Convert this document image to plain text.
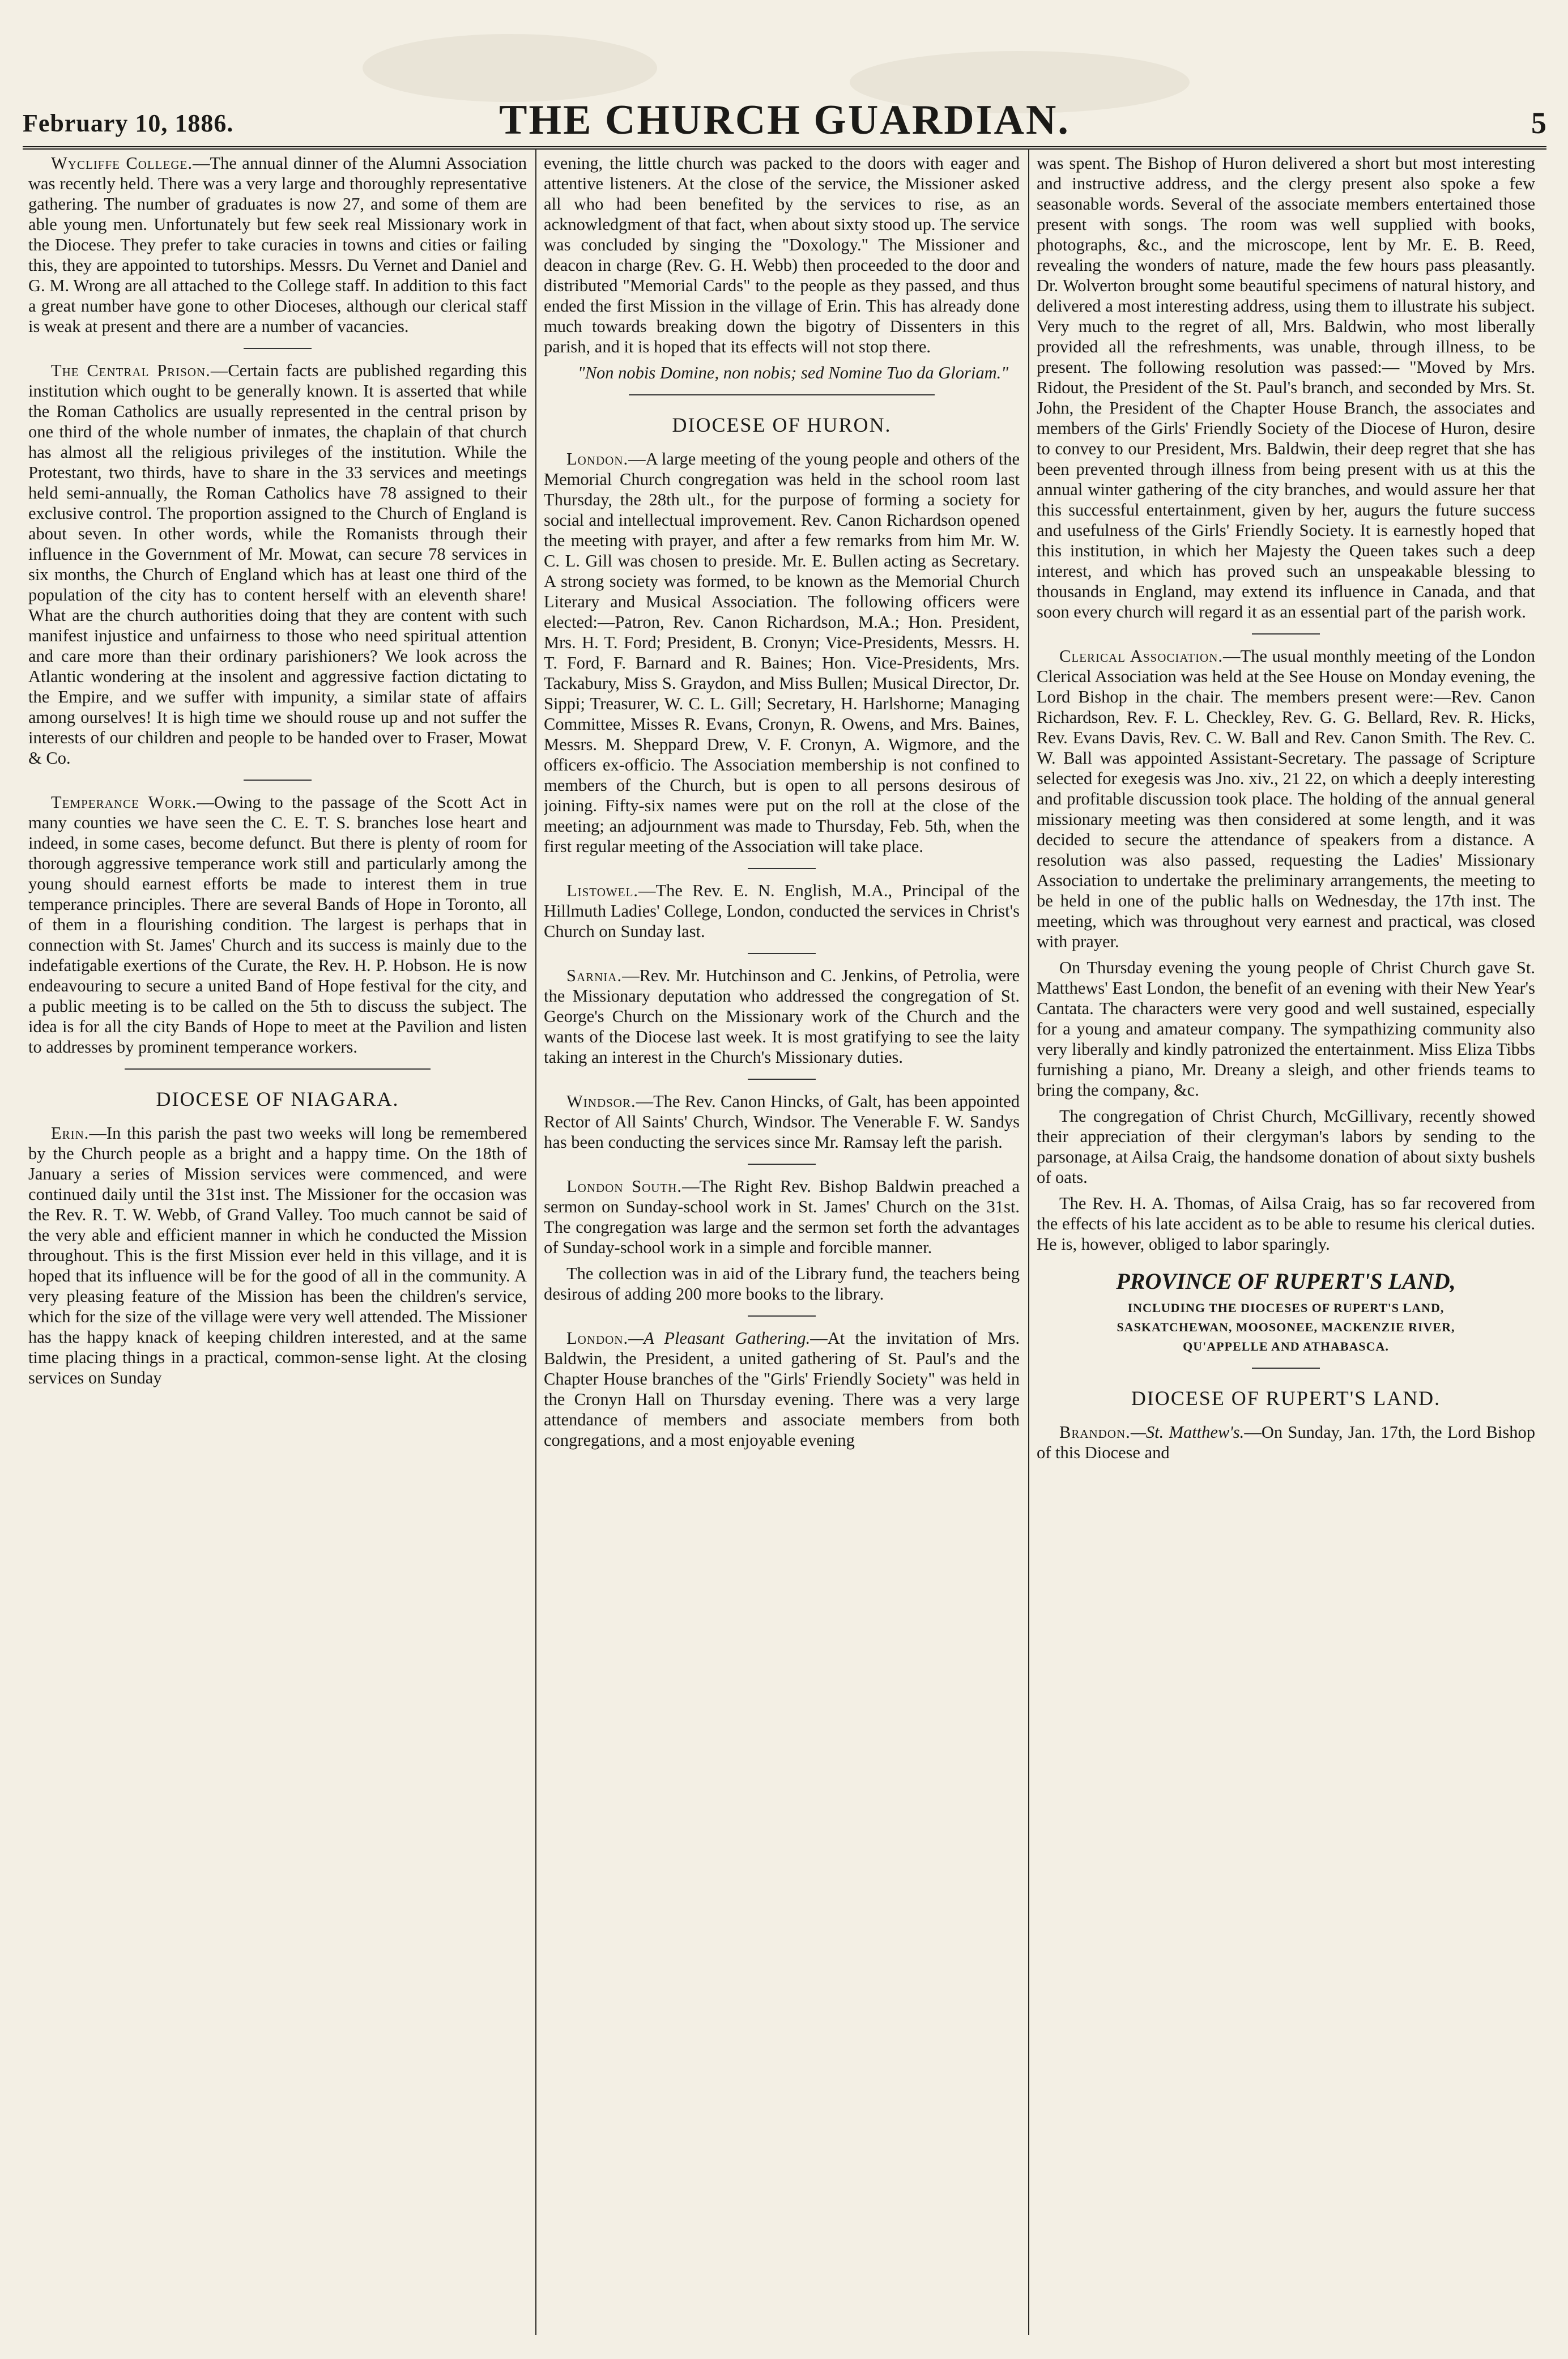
February 10, 1886.	THE CHURCH GUARDIAN.	5

Wycliffe College.—The annual dinner of the Alumni Association was recently held. There was a very large and thoroughly representative gathering. The number of graduates is now 27, and some of them are able young men. Unfortunately but few seek real Missionary work in the Diocese. They prefer to take curacies in towns and cities or failing this, they are appointed to tutorships. Messrs. Du Vernet and Daniel and G. M. Wrong are all attached to the College staff. In addition to this fact a great number have gone to other Dioceses, although our clerical staff is weak at present and there are a number of vacancies.

The Central Prison.—Certain facts are published regarding this institution which ought to be generally known. It is asserted that while the Roman Catholics are usually represented in the central prison by one third of the whole number of inmates, the chaplain of that church has almost all the religious privileges of the institution. While the Protestant, two thirds, have to share in the 33 services and meetings held semi-annually, the Roman Catholics have 78 assigned to their exclusive control. The proportion assigned to the Church of England is about seven. In other words, while the Romanists through their influence in the Government of Mr. Mowat, can secure 78 services in six months, the Church of England which has at least one third of the population of the city has to content herself with an eleventh share! What are the church authorities doing that they are content with such manifest injustice and unfairness to those who need spiritual attention and care more than their ordinary parishioners? We look across the Atlantic wondering at the insolent and aggressive faction dictating to the Empire, and we suffer with impunity, a similar state of affairs among ourselves! It is high time we should rouse up and not suffer the interests of our children and people to be handed over to Fraser, Mowat & Co.

Temperance Work.—Owing to the passage of the Scott Act in many counties we have seen the C. E. T. S. branches lose heart and indeed, in some cases, become defunct. But there is plenty of room for thorough aggressive temperance work still and particularly among the young should earnest efforts be made to interest them in true temperance principles. There are several Bands of Hope in Toronto, all of them in a flourishing condition. The largest is perhaps that in connection with St. James' Church and its success is mainly due to the indefatigable exertions of the Curate, the Rev. H. P. Hobson. He is now endeavouring to secure a united Band of Hope festival for the city, and a public meeting is to be called on the 5th to discuss the subject. The idea is for all the city Bands of Hope to meet at the Pavilion and listen to addresses by prominent temperance workers.

DIOCESE OF NIAGARA.

Erin.—In this parish the past two weeks will long be remembered by the Church people as a bright and a happy time. On the 18th of January a series of Mission services were commenced, and were continued daily until the 31st inst. The Missioner for the occasion was the Rev. R. T. W. Webb, of Grand Valley. Too much cannot be said of the very able and efficient manner in which he conducted the Mission throughout. This is the first Mission ever held in this village, and it is hoped that its influence will be for the good of all in the community. A very pleasing feature of the Mission has been the children's service, which for the size of the village were very well attended. The Missioner has the happy knack of keeping children interested, and at the same time placing things in a practical, common-sense light. At the closing services on Sunday

evening, the little church was packed to the doors with eager and attentive listeners. At the close of the service, the Missioner asked all who had been benefited by the services to rise, as an acknowledgment of that fact, when about sixty stood up. The service was concluded by singing the "Doxology." The Missioner and deacon in charge (Rev. G. H. Webb) then proceeded to the door and distributed "Memorial Cards" to the people as they passed, and thus ended the first Mission in the village of Erin. This has already done much towards breaking down the bigotry of Dissenters in this parish, and it is hoped that its effects will not stop there.

"Non nobis Domine, non nobis; sed Nomine Tuo da Gloriam."

DIOCESE OF HURON.

London.—A large meeting of the young people and others of the Memorial Church congregation was held in the school room last Thursday, the 28th ult., for the purpose of forming a society for social and intellectual improvement. Rev. Canon Richardson opened the meeting with prayer, and after a few remarks from him Mr. W. C. L. Gill was chosen to preside. Mr. E. Bullen acting as Secretary. A strong society was formed, to be known as the Memorial Church Literary and Musical Association. The following officers were elected:—Patron, Rev. Canon Richardson, M.A.; Hon. President, Mrs. H. T. Ford; President, B. Cronyn; Vice-Presidents, Messrs. H. T. Ford, F. Barnard and R. Baines; Hon. Vice-Presidents, Mrs. Tackabury, Miss S. Graydon, and Miss Bullen; Musical Director, Dr. Sippi; Treasurer, W. C. L. Gill; Secretary, H. Harlshorne; Managing Committee, Misses R. Evans, Cronyn, R. Owens, and Mrs. Baines, Messrs. M. Sheppard Drew, V. F. Cronyn, A. Wigmore, and the officers ex-officio. The Association membership is not confined to members of the Church, but is open to all persons desirous of joining. Fifty-six names were put on the roll at the close of the meeting; an adjournment was made to Thursday, Feb. 5th, when the first regular meeting of the Association will take place.

Listowel.—The Rev. E. N. English, M.A., Principal of the Hillmuth Ladies' College, London, conducted the services in Christ's Church on Sunday last.

Sarnia.—Rev. Mr. Hutchinson and C. Jenkins, of Petrolia, were the Missionary deputation who addressed the congregation of St. George's Church on the Missionary work of the Church and the wants of the Diocese last week. It is most gratifying to see the laity taking an interest in the Church's Missionary duties.

Windsor.—The Rev. Canon Hincks, of Galt, has been appointed Rector of All Saints' Church, Windsor. The Venerable F. W. Sandys has been conducting the services since Mr. Ramsay left the parish.

London South.—The Right Rev. Bishop Baldwin preached a sermon on Sunday-school work in St. James' Church on the 31st. The congregation was large and the sermon set forth the advantages of Sunday-school work in a simple and forcible manner.

The collection was in aid of the Library fund, the teachers being desirous of adding 200 more books to the library.

London.—A Pleasant Gathering.—At the invitation of Mrs. Baldwin, the President, a united gathering of St. Paul's and the Chapter House branches of the "Girls' Friendly Society" was held in the Cronyn Hall on Thursday evening. There was a very large attendance of members and associate members from both congregations, and a most enjoyable evening

was spent. The Bishop of Huron delivered a short but most interesting and instructive address, and the clergy present also spoke a few seasonable words. Several of the associate members entertained those present with songs. The room was well supplied with books, photographs, &c., and the microscope, lent by Mr. E. B. Reed, revealing the wonders of nature, made the few hours pass pleasantly. Dr. Wolverton brought some beautiful specimens of natural history, and delivered a most interesting address, using them to illustrate his subject. Very much to the regret of all, Mrs. Baldwin, who most liberally provided all the refreshments, was unable, through illness, to be present. The following resolution was passed:— "Moved by Mrs. Ridout, the President of the St. Paul's branch, and seconded by Mrs. St. John, the President of the Chapter House Branch, the associates and members of the Girls' Friendly Society of the Diocese of Huron, desire to convey to our President, Mrs. Baldwin, their deep regret that she has been prevented through illness from being present with us at this the annual winter gathering of the city branches, and would assure her that this successful entertainment, given by her, augurs the future success and usefulness of the Girls' Friendly Society. It is earnestly hoped that this institution, in which her Majesty the Queen takes such a deep interest, and which has proved such an unspeakable blessing to thousands in England, may extend its influence in Canada, and that soon every church will regard it as an essential part of the parish work.

Clerical Association.—The usual monthly meeting of the London Clerical Association was held at the See House on Monday evening, the Lord Bishop in the chair. The members present were:—Rev. Canon Richardson, Rev. F. L. Checkley, Rev. G. G. Bellard, Rev. R. Hicks, Rev. Evans Davis, Rev. C. W. Ball and Rev. Canon Smith. The Rev. C. W. Ball was appointed Assistant-Secretary. The passage of Scripture selected for exegesis was Jno. xiv., 21 22, on which a deeply interesting and profitable discussion took place. The holding of the annual general missionary meeting was then considered at some length, and it was decided to secure the attendance of speakers from a distance. A resolution was also passed, requesting the Ladies' Missionary Association to undertake the preliminary arrangements, the meeting to be held in one of the public halls on Wednesday, the 17th inst. The meeting, which was throughout very earnest and practical, was closed with prayer.

On Thursday evening the young people of Christ Church gave St. Matthews' East London, the benefit of an evening with their New Year's Cantata. The characters were very good and well sustained, especially for a young and amateur company. The sympathizing community also very liberally and kindly patronized the entertainment. Miss Eliza Tibbs furnishing a piano, Mr. Dreany a sleigh, and other friends teams to bring the company, &c.

The congregation of Christ Church, McGillivary, recently showed their appreciation of their clergyman's labors by sending to the parsonage, at Ailsa Craig, the handsome donation of about sixty bushels of oats.

The Rev. H. A. Thomas, of Ailsa Craig, has so far recovered from the effects of his late accident as to be able to resume his clerical duties. He is, however, obliged to labor sparingly.

PROVINCE OF RUPERT'S LAND,
INCLUDING THE DIOCESES OF RUPERT'S LAND,
SASKATCHEWAN, MOOSONEE, MACKENZIE RIVER,
QU'APPELLE AND ATHABASCA.
DIOCESE OF RUPERT'S LAND.

Brandon.—St. Matthew's.—On Sunday, Jan. 17th, the Lord Bishop of this Diocese and
